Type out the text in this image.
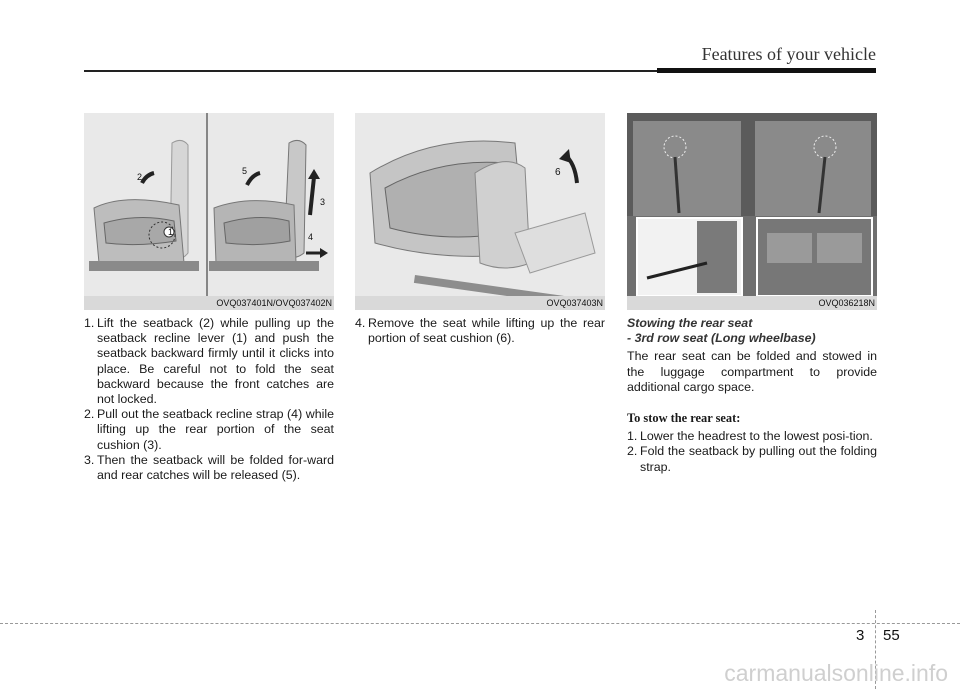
Features of your vehicle
1
2
3
4
5
OVQ037401N/OVQ037402N
6
OVQ037403N	OVQ036218N
1. Lift the seatback (2) while pulling up the seatback recline lever (1) and push the seatback backward firmly until it clicks into place. Be careful not to fold the seat backward because the front catches are not locked.
2. Pull out the seatback recline strap (4) while lifting up the rear portion of the seat cushion (3).
3. Then the seatback will be folded for-ward and rear catches will be released (5).
4. Remove the seat while lifting up the rear portion of seat cushion (6).
Stowing the rear seat
- 3rd row seat (Long wheelbase)
The rear seat can be folded and stowed in the luggage compartment to provide additional cargo space.
To stow the rear seat:
1. Lower the headrest to the lowest posi-tion.
2. Fold the seatback by pulling out the folding strap.
3 55
carmanualsonline.info
